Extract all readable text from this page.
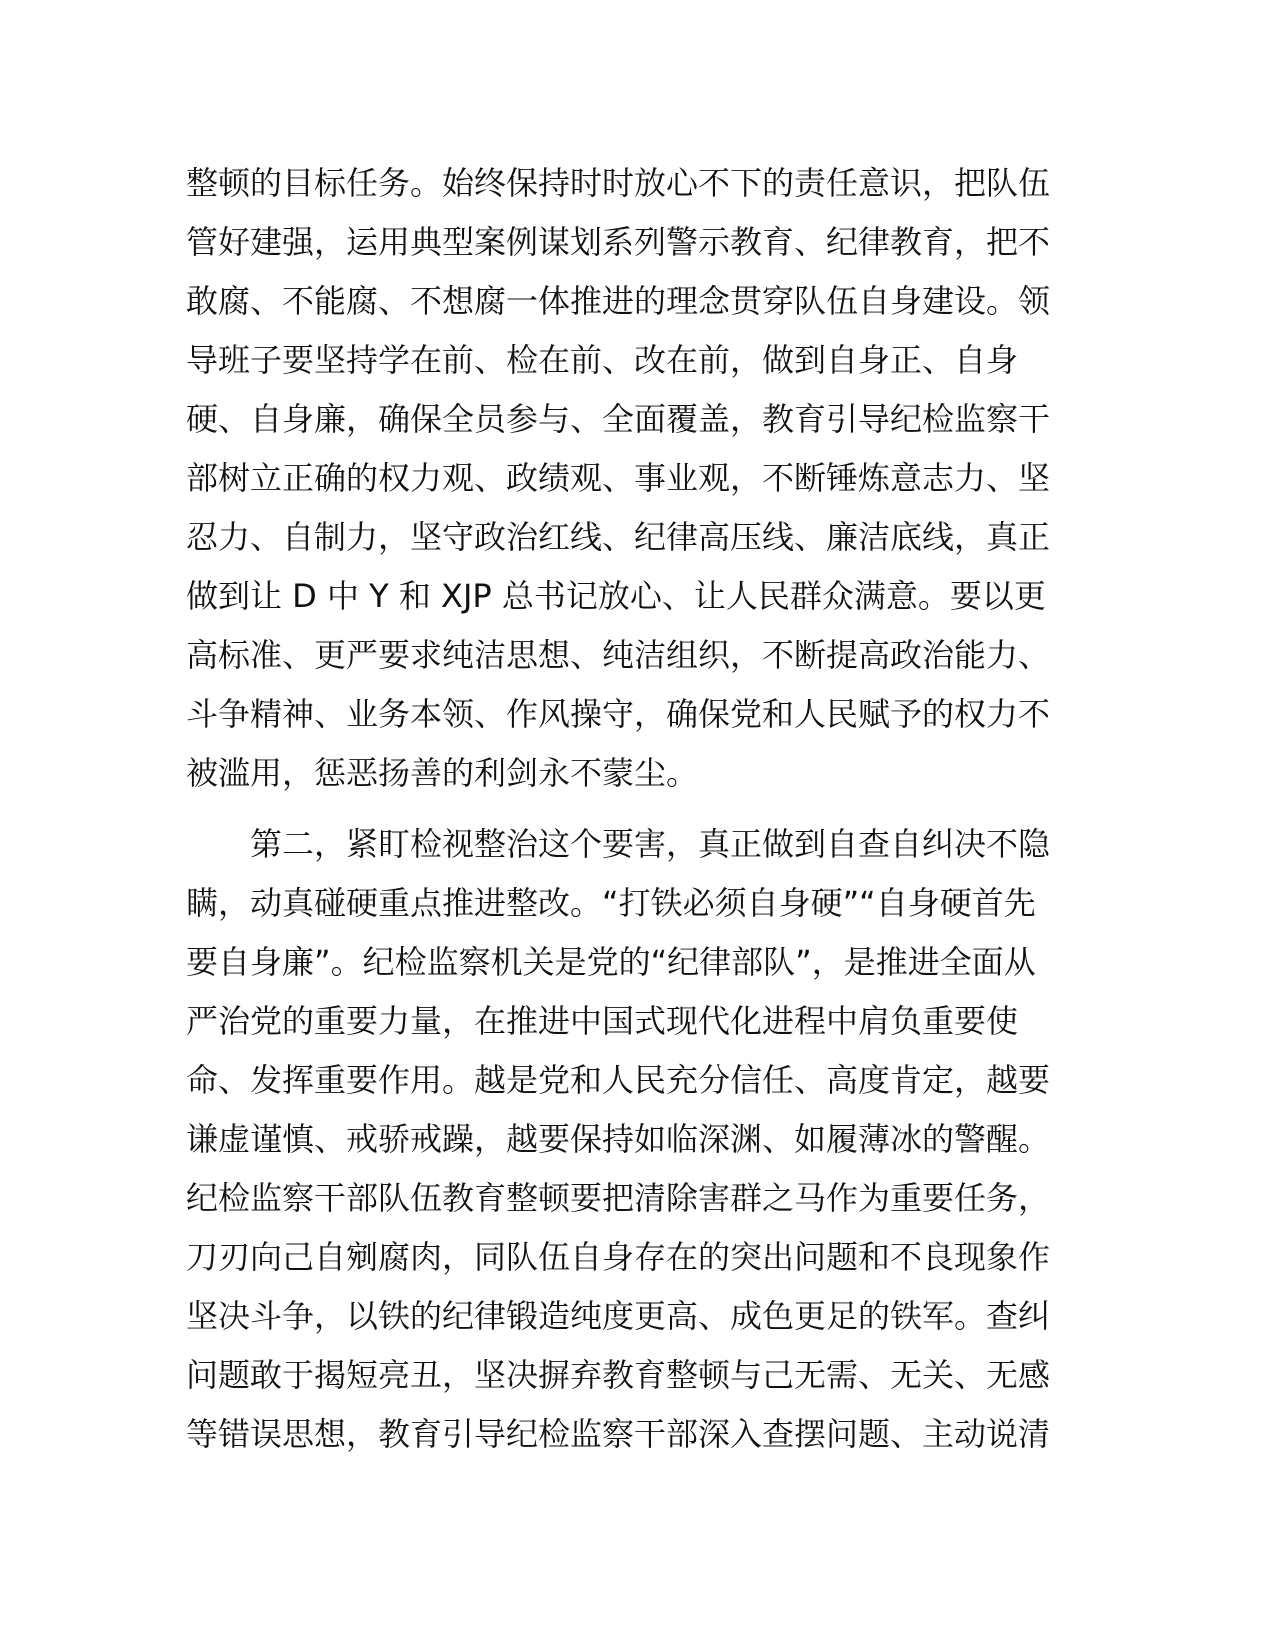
整顿的目标任务。始终保持时时放心不下的责任意识，把队伍
管好建强，运用典型案例谋划系列警示教育、纪律教育，把不
敢腐、不能腐、不想腐一体推进的理念贯穿队伍自身建设。领
导班子要坚持学在前、检在前、改在前，做到自身正、自身
硬、自身廉，确保全员参与、全面覆盖，教育引导纪检监察干
部树立正确的权力观、政绩观、事业观，不断锤炼意志力、坚
忍力、自制力，坚守政治红线、纪律高压线、廉洁底线，真正
做到让 D 中 Y 和 XJP 总书记放心、让人民群众满意。要以更
高标准、更严要求纯洁思想、纯洁组织，不断提高政治能力、
斗争精神、业务本领、作风操守，确保党和人民赋予的权力不
被滥用，惩恶扬善的利剑永不蒙尘。
　　第二，紧盯检视整治这个要害，真正做到自查自纠决不隐
瞒，动真碰硬重点推进整改。“打铁必须自身硬”“自身硬首先
要自身廉”。纪检监察机关是党的“纪律部队”，是推进全面从
严治党的重要力量，在推进中国式现代化进程中肩负重要使
命、发挥重要作用。越是党和人民充分信任、高度肯定，越要
谦虚谨慎、戒骄戒躁，越要保持如临深渊、如履薄冰的警醒。
纪检监察干部队伍教育整顿要把清除害群之马作为重要任务，
刀刃向己自剜腐肉，同队伍自身存在的突出问题和不良现象作
坚决斗争，以铁的纪律锻造纯度更高、成色更足的铁军。查纠
问题敢于揭短亮丑，坚决摒弃教育整顿与己无需、无关、无感
等错误思想，教育引导纪检监察干部深入查摆问题、主动说清
